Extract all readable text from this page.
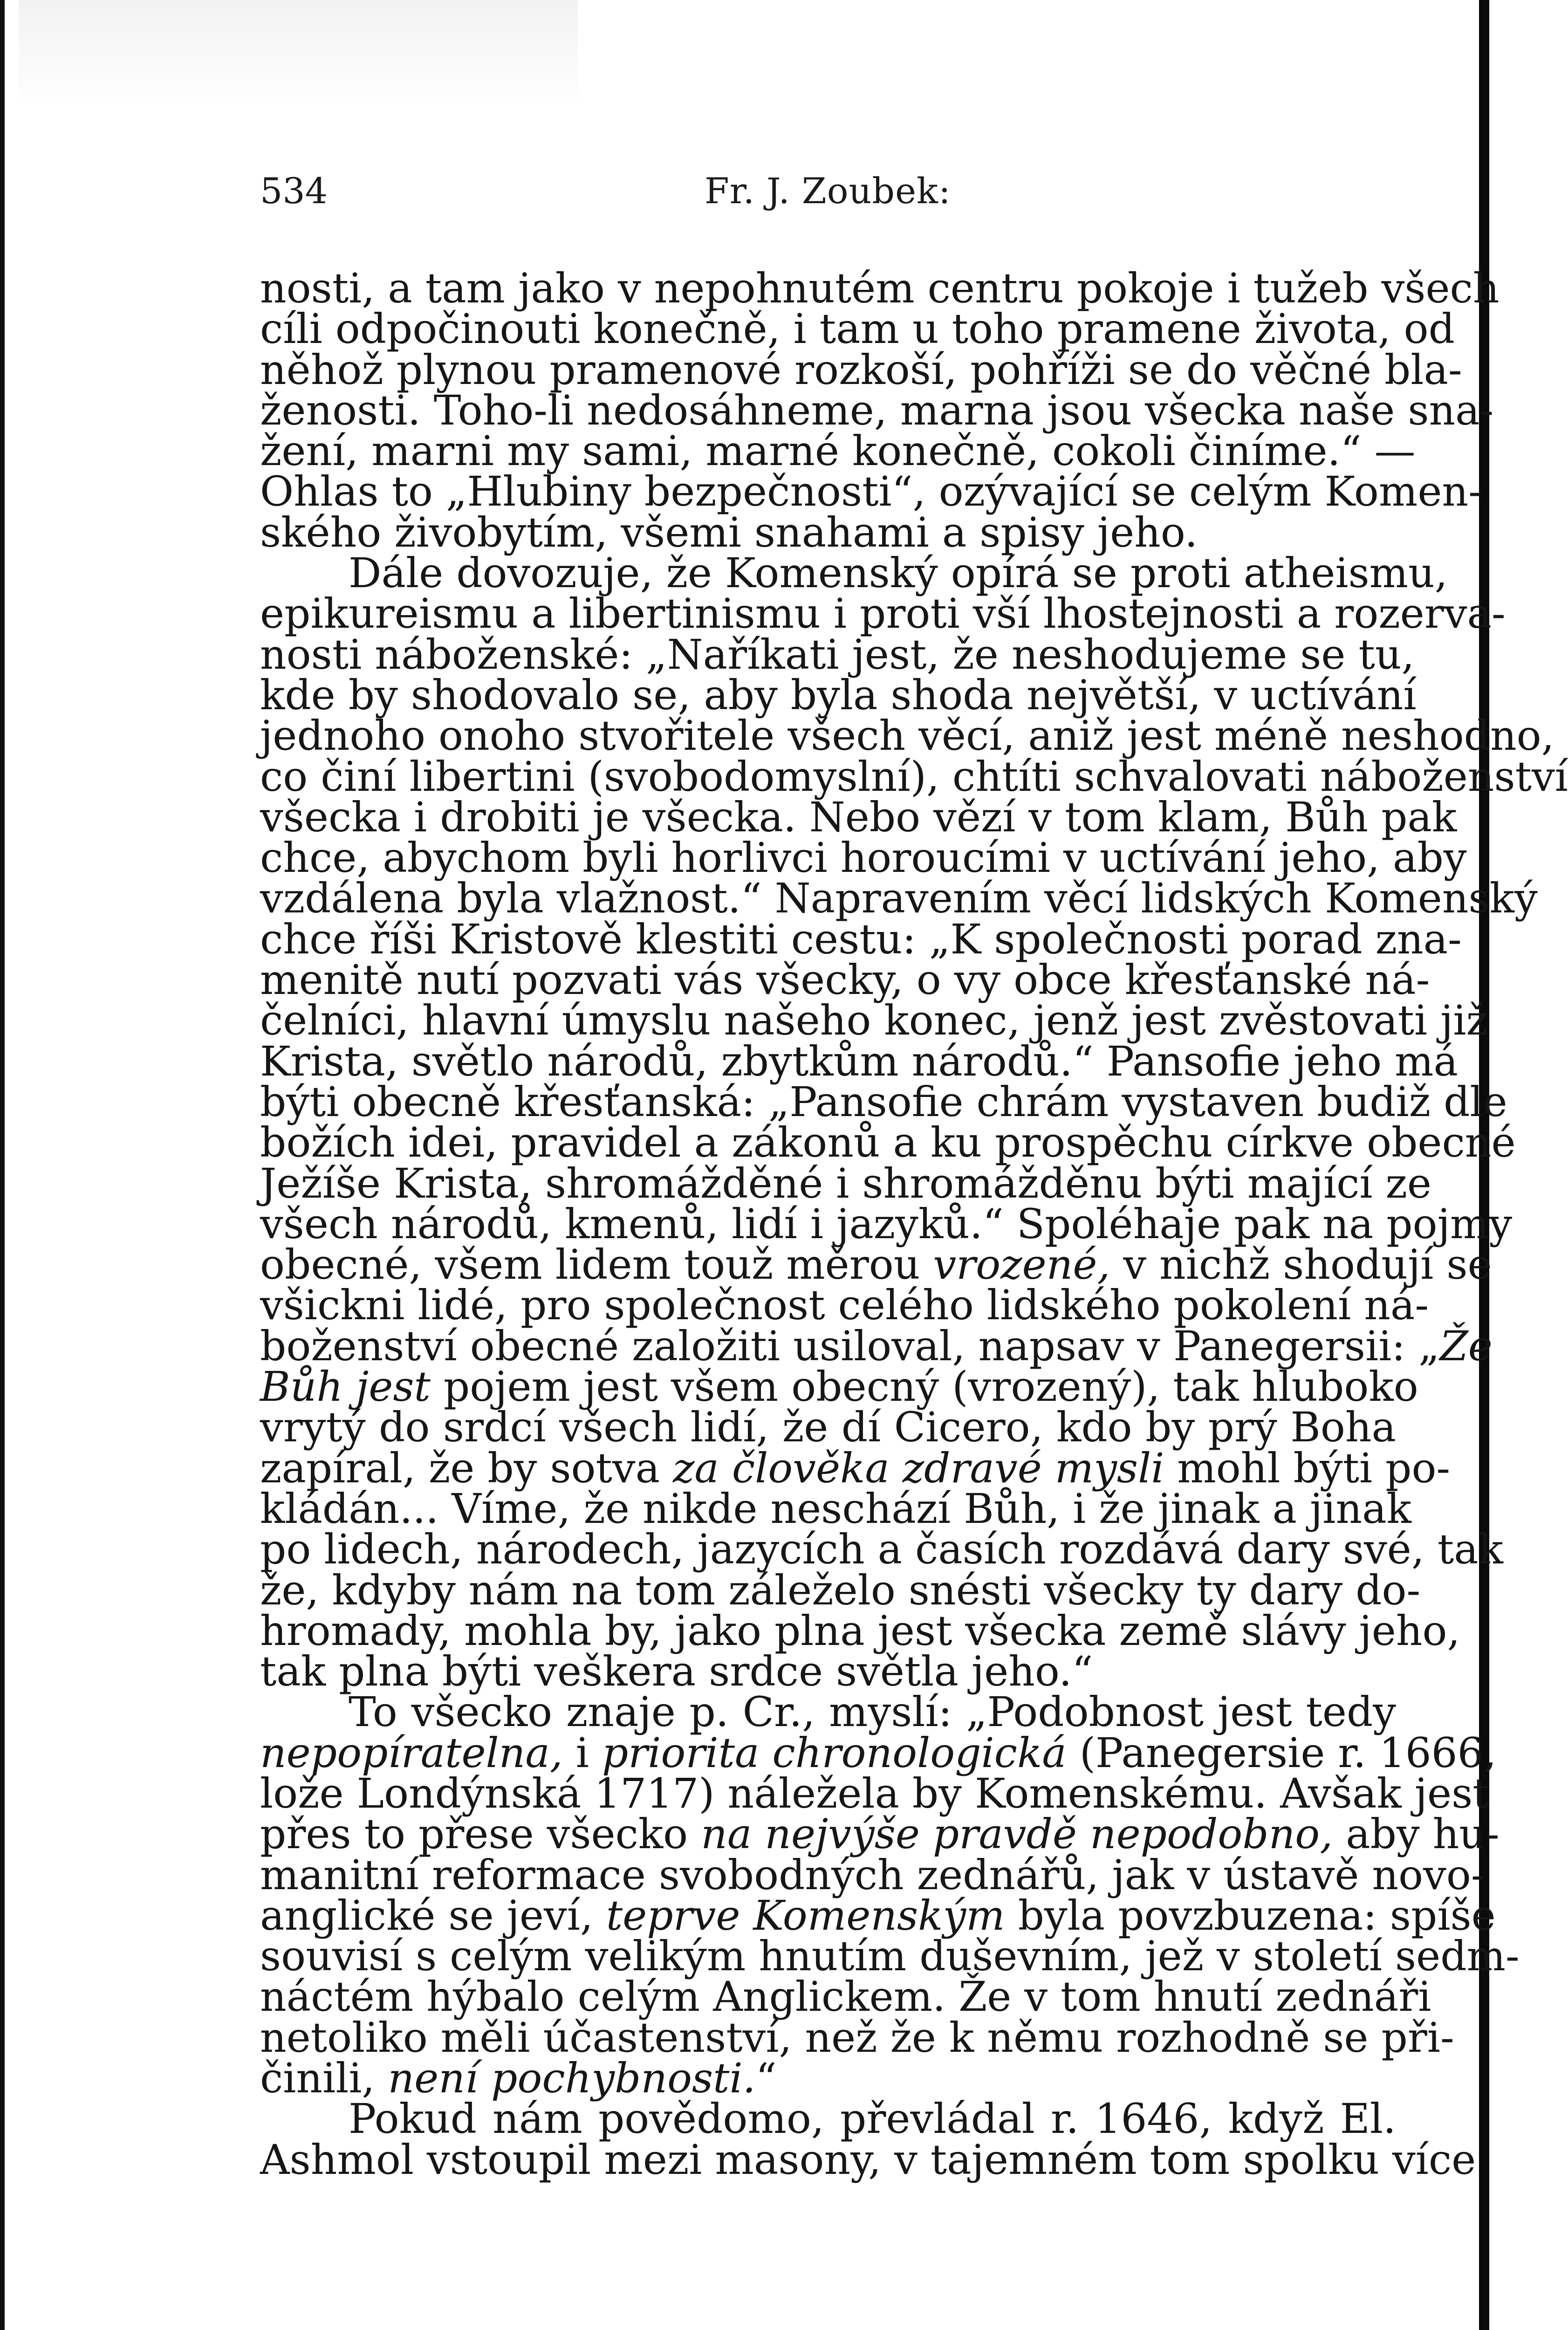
534	Fr. J. Zoubek:
nosti, a tam jako v nepohnutém centru pokoje i tužeb všech
cíli odpočinouti konečně, i tam u toho pramene života, od
něhož plynou pramenové rozkoší, pohříži se do věčné bla-
ženosti. Toho-li nedosáhneme, marna jsou všecka naše sna-
žení, marni my sami, marné konečně, cokoli činíme.“ —
Ohlas to „Hlubiny bezpečnosti“, ozývající se celým Komen-
ského živobytím, všemi snahami a spisy jeho.
Dále dovozuje, že Komenský opírá se proti atheismu,
epikureismu a libertinismu i proti vší lhostejnosti a rozerva-
nosti náboženské: „Naříkati jest, že neshodujeme se tu,
kde by shodovalo se, aby byla shoda největší, v uctívání
jednoho onoho stvořitele všech věcí, aniž jest méně neshodno,
co činí libertini (svobodomyslní), chtíti schvalovati náboženství
všecka i drobiti je všecka. Nebo vězí v tom klam, Bůh pak
chce, abychom byli horlivci horoucími v uctívání jeho, aby
vzdálena byla vlažnost.“ Napravením věcí lidských Komenský
chce říši Kristově klestiti cestu: „K společnosti porad zna-
menitě nutí pozvati vás všecky, o vy obce křesťanské ná-
čelníci, hlavní úmyslu našeho konec, jenž jest zvěstovati již
Krista, světlo národů, zbytkům národů.“ Pansofie jeho má
býti obecně křesťanská: „Pansofie chrám vystaven budiž dle
božích idei, pravidel a zákonů a ku prospěchu církve obecné
Ježíše Krista, shromážděné i shromážděnu býti mající ze
všech národů, kmenů, lidí i jazyků.“ Spoléhaje pak na pojmy
obecné, všem lidem touž měrou vrozené, v nichž shodují se
všickni lidé, pro společnost celého lidského pokolení ná-
boženství obecné založiti usiloval, napsav v Panegersii: „Že
Bůh jest pojem jest všem obecný (vrozený), tak hluboko
vrytý do srdcí všech lidí, že dí Cicero, kdo by prý Boha
zapíral, že by sotva za člověka zdravé mysli mohl býti po-
kládán... Víme, že nikde neschází Bůh, i že jinak a jinak
po lidech, národech, jazycích a časích rozdává dary své, tak
že, kdyby nám na tom záleželo snésti všecky ty dary do-
hromady, mohla by, jako plna jest všecka země slávy jeho,
tak plna býti veškera srdce světla jeho.“
To všecko znaje p. Cr., myslí: „Podobnost jest tedy
nepopíratelna, i priorita chronologická (Panegersie r. 1666,
lože Londýnská 1717) náležela by Komenskému. Avšak jest
přes to přese všecko na nejvýše pravdě nepodobno, aby hu-
manitní reformace svobodných zednářů, jak v ústavě novo-
anglické se jeví, teprve Komenským byla povzbuzena: spíše
souvisí s celým velikým hnutím duševním, jež v století sedm-
náctém hýbalo celým Anglickem. Že v tom hnutí zednáři
netoliko měli účastenství, než že k němu rozhodně se při-
činili, není pochybnosti.“
Pokud nám povědomo, převládal r. 1646, když El.
Ashmol vstoupil mezi masony, v tajemném tom spolku více
